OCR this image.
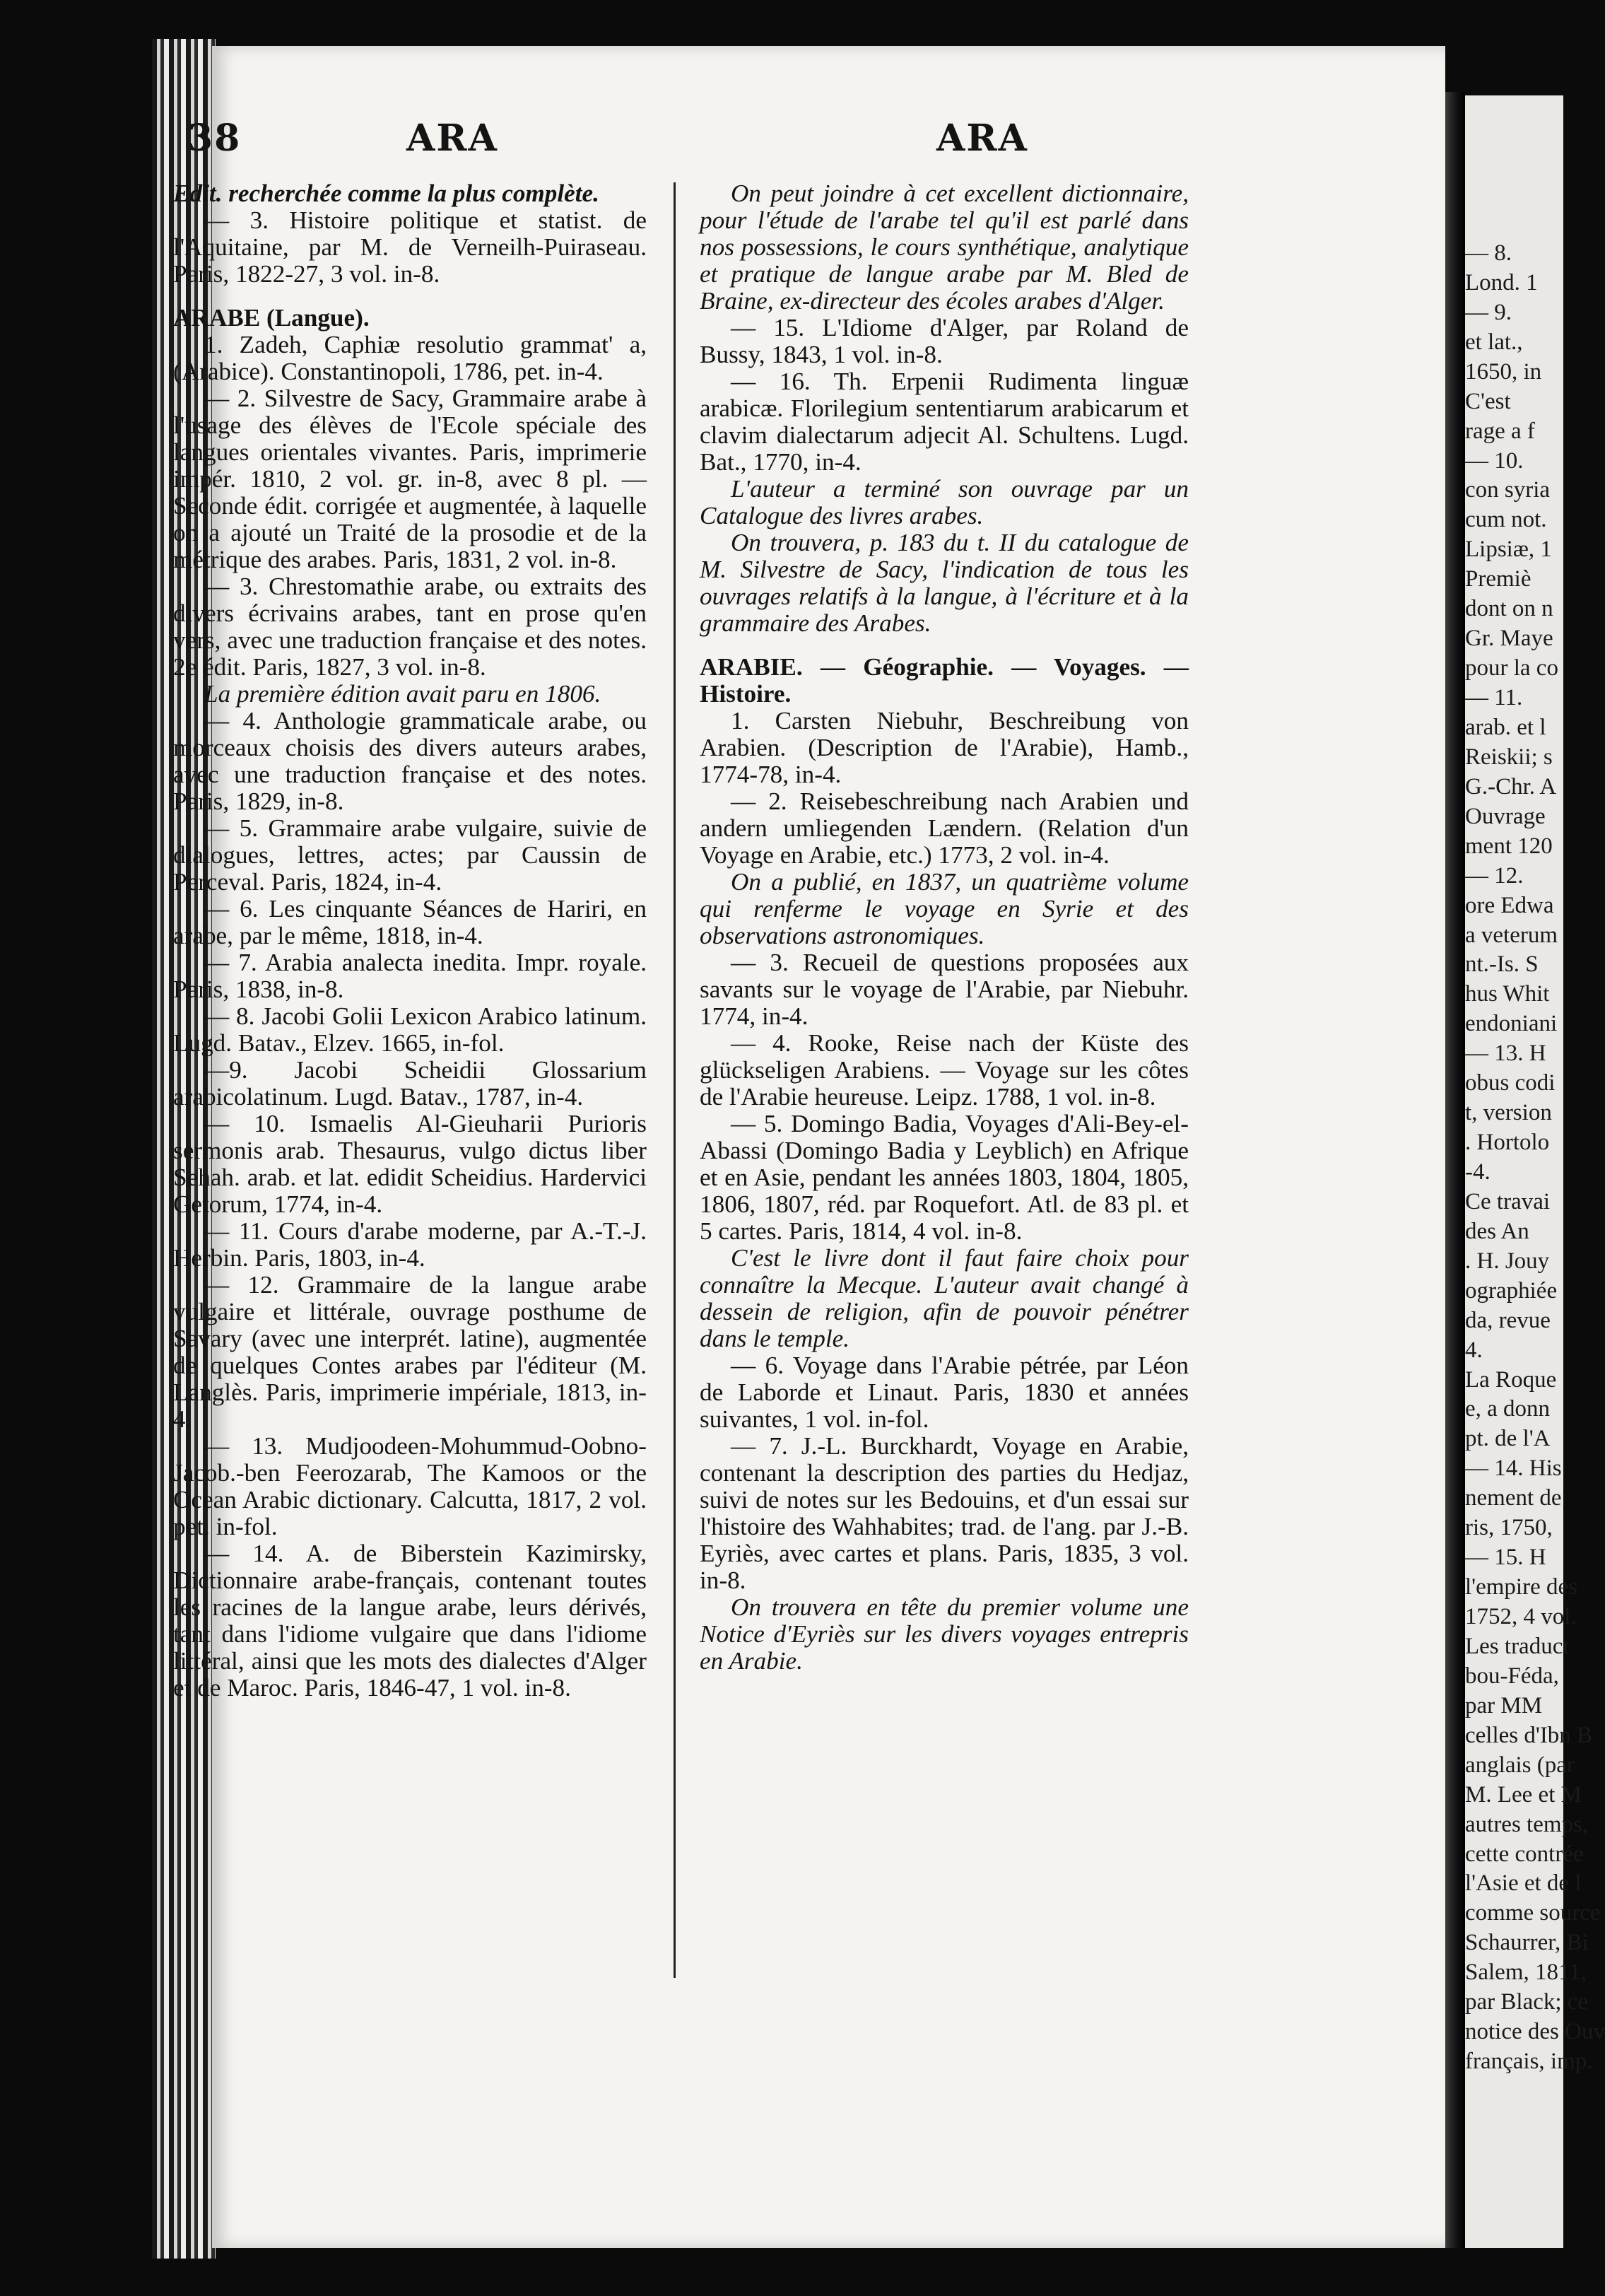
38	ARA	ARA

Edit. recherchée comme la plus complète.

— 3. Histoire politique et statist. de l'Aquitaine, par M. de Verneilh-Puiraseau. Paris, 1822-27, 3 vol. in-8.

ARABE (Langue).

1. Zadeh, Caphiæ resolutio grammat' a, (Arabice). Constantinopoli, 1786, pet. in-4.

— 2. Silvestre de Sacy, Grammaire arabe à l'usage des élèves de l'Ecole spéciale des langues orientales vivantes. Paris, imprimerie impér. 1810, 2 vol. gr. in-8, avec 8 pl. — Seconde édit. corrigée et augmentée, à laquelle on a ajouté un Traité de la prosodie et de la métrique des arabes. Paris, 1831, 2 vol. in-8.

— 3. Chrestomathie arabe, ou extraits des divers écrivains arabes, tant en prose qu'en vers, avec une traduction française et des notes. 2e édit. Paris, 1827, 3 vol. in-8.

La première édition avait paru en 1806.

— 4. Anthologie grammaticale arabe, ou morceaux choisis des divers auteurs arabes, avec une traduction française et des notes. Paris, 1829, in-8.

— 5. Grammaire arabe vulgaire, suivie de dialogues, lettres, actes; par Caussin de Perceval. Paris, 1824, in-4.

— 6. Les cinquante Séances de Hariri, en arabe, par le même, 1818, in-4.

— 7. Arabia analecta inedita. Impr. royale. Paris, 1838, in-8.

— 8. Jacobi Golii Lexicon Arabico latinum. Lugd. Batav., Elzev. 1665, in-fol.

—9. Jacobi Scheidii Glossarium arabicolatinum. Lugd. Batav., 1787, in-4.

— 10. Ismaelis Al-Gieuharii Purioris sermonis arab. Thesaurus, vulgo dictus liber Sehah. arab. et lat. edidit Scheidius. Hardervici Getorum, 1774, in-4.

— 11. Cours d'arabe moderne, par A.-T.-J. Herbin. Paris, 1803, in-4.

— 12. Grammaire de la langue arabe vulgaire et littérale, ouvrage posthume de Savary (avec une interprét. latine), augmentée de quelques Contes arabes par l'éditeur (M. Langlès. Paris, imprimerie impériale, 1813, in-4.

— 13. Mudjoodeen-Mohummud-Oobno-Jacob.-ben Feerozarab, The Kamoos or the Ocean Arabic dictionary. Calcutta, 1817, 2 vol. pet. in-fol.

— 14. A. de Biberstein Kazimirsky, Dictionnaire arabe-français, contenant toutes les racines de la langue arabe, leurs dérivés, tant dans l'idiome vulgaire que dans l'idiome littéral, ainsi que les mots des dialectes d'Alger et de Maroc. Paris, 1846-47, 1 vol. in-8.

On peut joindre à cet excellent dictionnaire, pour l'étude de l'arabe tel qu'il est parlé dans nos possessions, le cours synthétique, analytique et pratique de langue arabe par M. Bled de Braine, ex-directeur des écoles arabes d'Alger.

— 15. L'Idiome d'Alger, par Roland de Bussy, 1843, 1 vol. in-8.

— 16. Th. Erpenii Rudimenta linguæ arabicæ. Florilegium sententiarum arabicarum et clavim dialectarum adjecit Al. Schultens. Lugd. Bat., 1770, in-4.

L'auteur a terminé son ouvrage par un Catalogue des livres arabes.

On trouvera, p. 183 du t. II du catalogue de M. Silvestre de Sacy, l'indication de tous les ouvrages relatifs à la langue, à l'écriture et à la grammaire des Arabes.

ARABIE. — Géographie. — Voyages. — Histoire.

1. Carsten Niebuhr, Beschreibung von Arabien. (Description de l'Arabie), Hamb., 1774-78, in-4.

— 2. Reisebeschreibung nach Arabien und andern umliegenden Lændern. (Relation d'un Voyage en Arabie, etc.) 1773, 2 vol. in-4.

On a publié, en 1837, un quatrième volume qui renferme le voyage en Syrie et des observations astronomiques.

— 3. Recueil de questions proposées aux savants sur le voyage de l'Arabie, par Niebuhr. 1774, in-4.

— 4. Rooke, Reise nach der Küste des glückseligen Arabiens. — Voyage sur les côtes de l'Arabie heureuse. Leipz. 1788, 1 vol. in-8.

— 5. Domingo Badia, Voyages d'Ali-Bey-el-Abassi (Domingo Badia y Leyblich) en Afrique et en Asie, pendant les années 1803, 1804, 1805, 1806, 1807, réd. par Roquefort. Atl. de 83 pl. et 5 cartes. Paris, 1814, 4 vol. in-8.

C'est le livre dont il faut faire choix pour connaître la Mecque. L'auteur avait changé à dessein de religion, afin de pouvoir pénétrer dans le temple.

— 6. Voyage dans l'Arabie pétrée, par Léon de Laborde et Linaut. Paris, 1830 et années suivantes, 1 vol. in-fol.

— 7. J.-L. Burckhardt, Voyage en Arabie, contenant la description des parties du Hedjaz, suivi de notes sur les Bedouins, et d'un essai sur l'histoire des Wahhabites; trad. de l'ang. par J.-B. Eyriès, avec cartes et plans. Paris, 1835, 3 vol. in-8.

On trouvera en tête du premier volume une Notice d'Eyriès sur les divers voyages entrepris en Arabie.

— 8.
Lond. 1
— 9.
et lat.,
1650, in
C'est
rage a f
— 10.
con syria
cum not.
Lipsiæ, 1
Premiè
dont on n
Gr. Maye
pour la co
— 11.
arab. et l
Reiskii; s
G.-Chr. A
Ouvrage
ment 120
— 12.
ore Edwa
a veterum
nt.-Is. S
hus Whit
endoniani
— 13. H
obus codi
t, version
. Hortolo
-4.
Ce travai
des An
. H. Jouy
ographiée
da, revue
4.
La Roque
e, a donn
pt. de l'A
— 14. His
nement de
ris, 1750,
— 15. H
l'empire des
1752, 4 vol.
Les traduct
bou-Féda,
par MM
celles d'Ibn B
anglais (par
M. Lee et M
autres temps,
cette contrée
l'Asie et de l
comme source
Schaurrer, Bi
Salem, 1811,
par Black; ce
notice des Ouv
français, imp.
